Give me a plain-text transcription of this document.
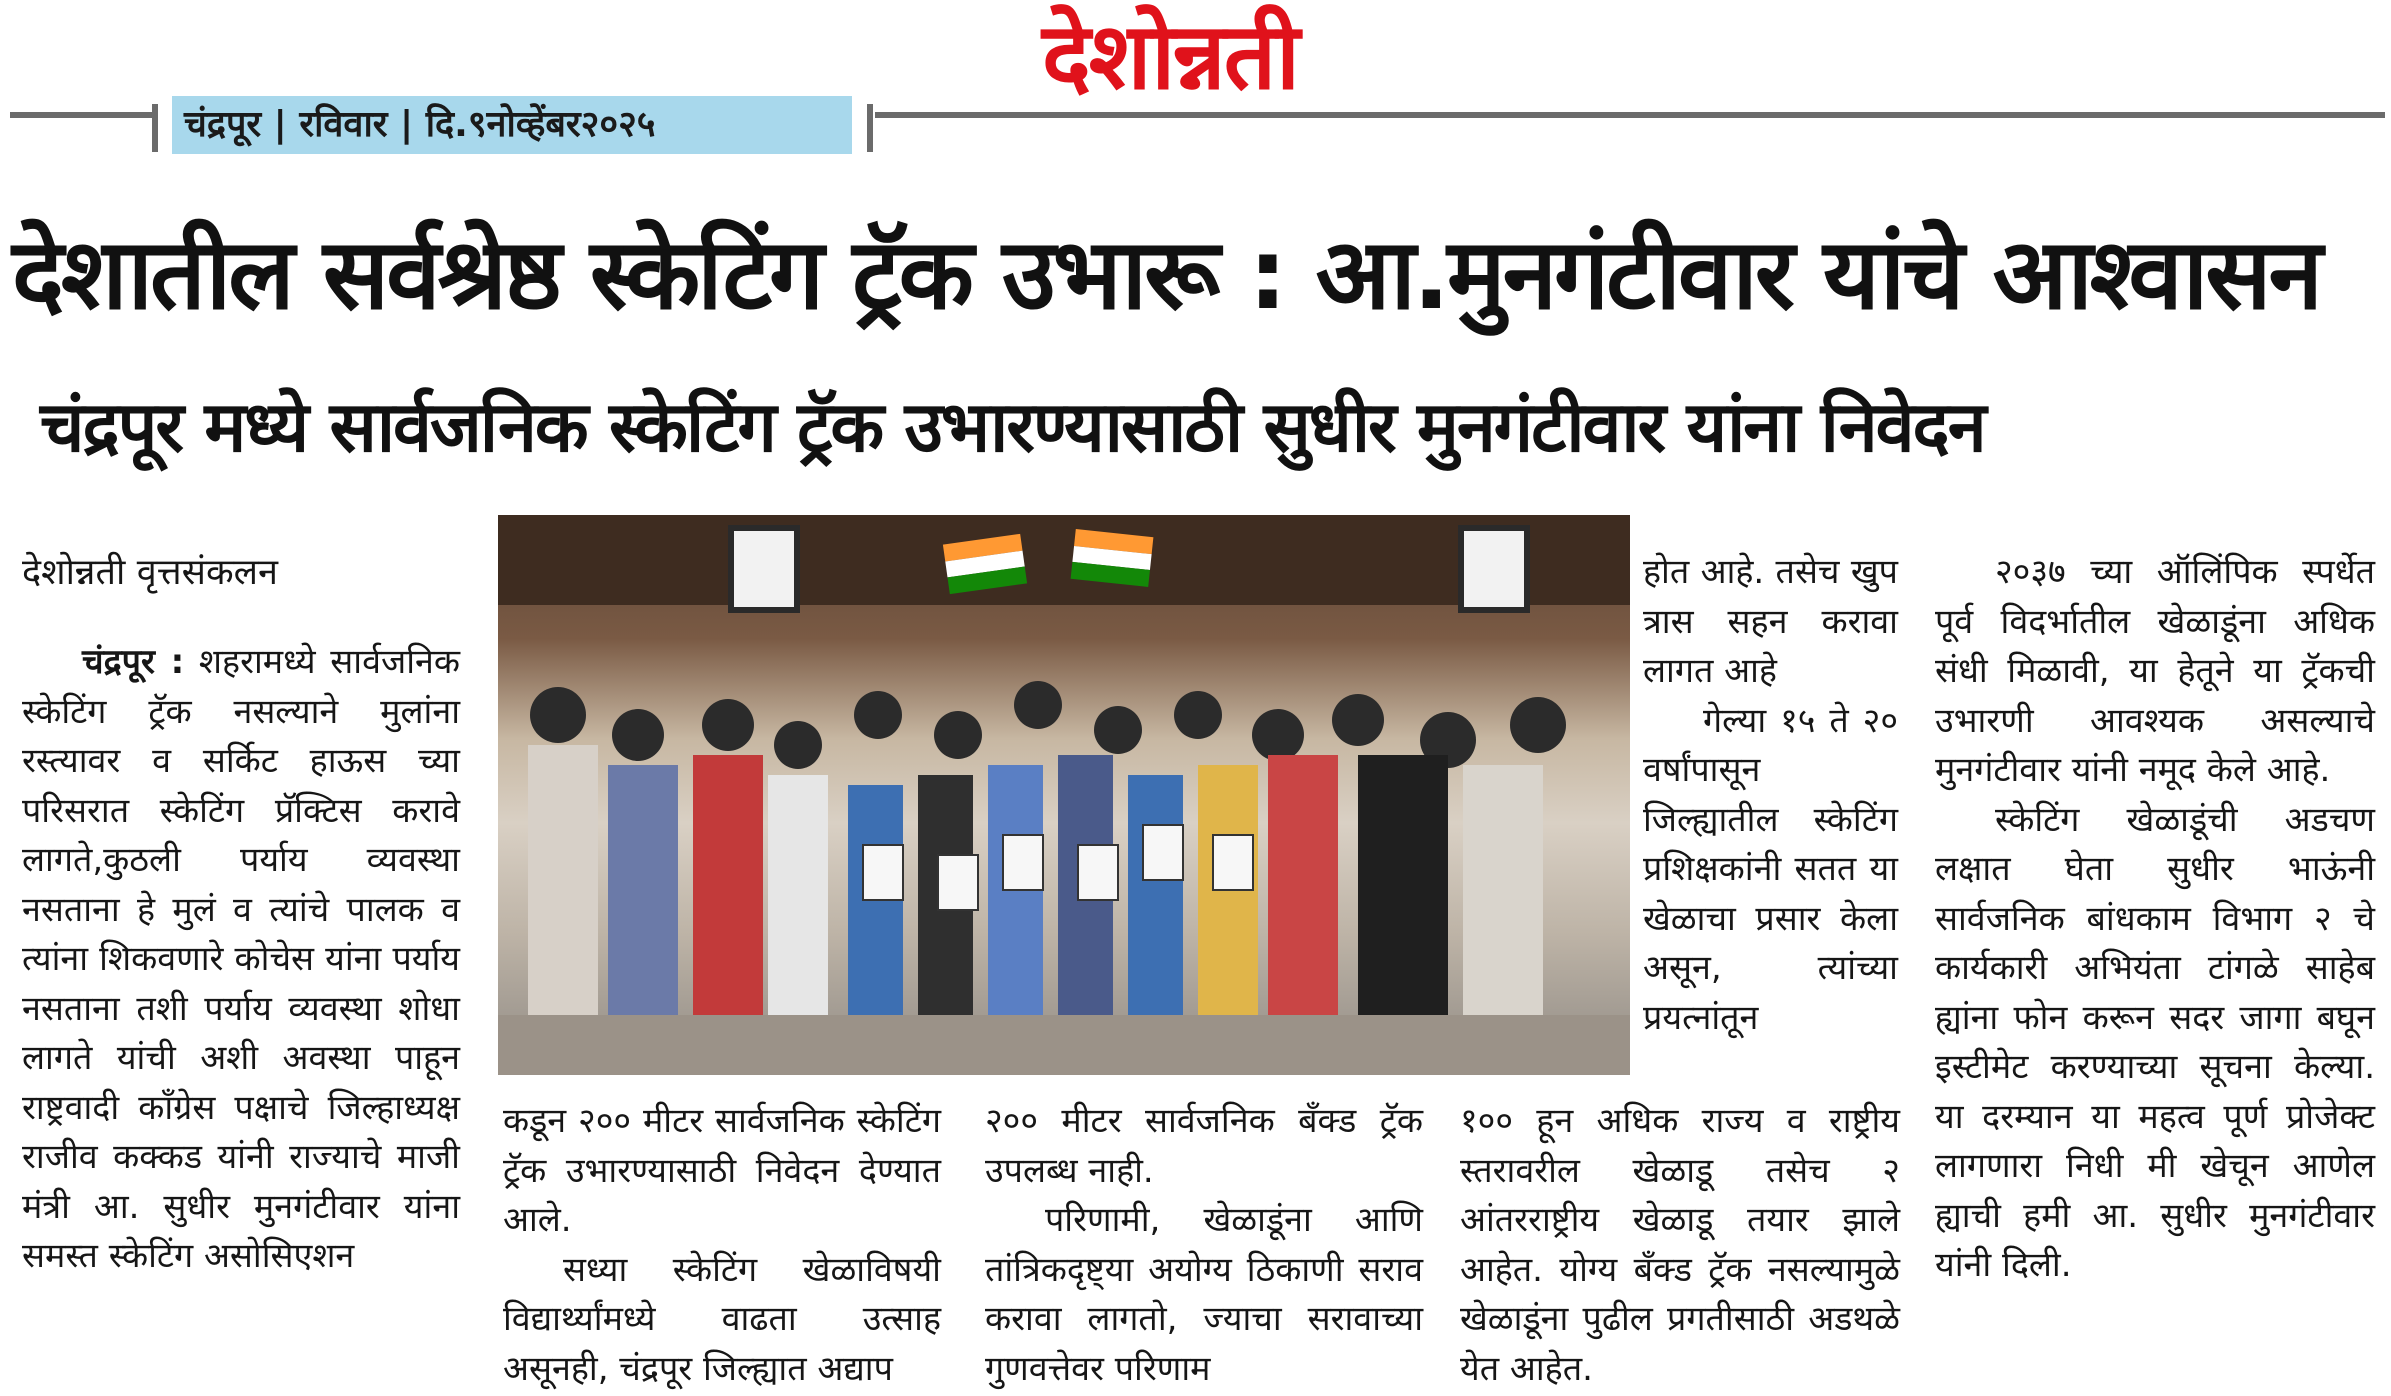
देशोन्नती
चंद्रपूर | रविवार | दि.९नोव्हेंबर२०२५
देशातील सर्वश्रेष्ठ स्केटिंग ट्रॅक उभारू : आ.मुनगंटीवार यांचे आश्वासन
चंद्रपूर मध्ये सार्वजनिक स्केटिंग ट्रॅक उभारण्यासाठी सुधीर मुनगंटीवार यांना निवेदन

देशोन्नती वृत्तसंकलन

चंद्रपूर : शहरामध्ये सार्वजनिक स्केटिंग ट्रॅक नसल्याने मुलांना रस्त्यावर व सर्किट हाऊस च्या परिसरात स्केटिंग प्रॅक्टिस करावे लागते,कुठली पर्याय व्यवस्था नसताना हे मुलं व त्यांचे पालक व त्यांना शिकवणारे कोचेस यांना पर्याय नसताना तशी पर्याय व्यवस्था शोधा लागते यांची अशी अवस्था पाहून राष्ट्रवादी काँग्रेस पक्षाचे जिल्हाध्यक्ष राजीव कक्कड यांनी राज्याचे माजी मंत्री आ. सुधीर मुनगंटीवार यांना समस्त स्केटिंग असोसिएशन

कडून २०० मीटर सार्वजनिक स्केटिंग ट्रॅक उभारण्यासाठी निवेदन देण्यात आले.

सध्या स्केटिंग खेळाविषयी विद्यार्थ्यांमध्ये वाढता उत्साह असूनही, चंद्रपूर जिल्ह्यात अद्याप

२०० मीटर सार्वजनिक बँक्ड ट्रॅक उपलब्ध नाही.

परिणामी, खेळाडूंना आणि तांत्रिकदृष्ट्या अयोग्य ठिकाणी सराव करावा लागतो, ज्याचा सरावाच्या गुणवत्तेवर परिणाम

होत आहे. तसेच खुप त्रास सहन करावा लागत आहे

गेल्या १५ ते २० वर्षांपासून जिल्ह्यातील स्केटिंग प्रशिक्षकांनी सतत या खेळाचा प्रसार केला असून, त्यांच्या प्रयत्नांतून

१०० हून अधिक राज्य व राष्ट्रीय स्तरावरील खेळाडू तसेच २ आंतरराष्ट्रीय खेळाडू तयार झाले आहेत. योग्य बँक्ड ट्रॅक नसल्यामुळे खेळाडूंना पुढील प्रगतीसाठी अडथळे येत आहेत.

२०३७ च्या ऑलिंपिक स्पर्धेत पूर्व विदर्भातील खेळाडूंना अधिक संधी मिळावी, या हेतूने या ट्रॅकची उभारणी आवश्यक असल्याचे मुनगंटीवार यांनी नमूद केले आहे.

स्केटिंग खेळाडूंची अडचण लक्षात घेता सुधीर भाऊंनी सार्वजनिक बांधकाम विभाग २ चे कार्यकारी अभियंता टांगळे साहेब ह्यांना फोन करून सदर जागा बघून इस्टीमेट करण्याच्या सूचना केल्या. या दरम्यान या महत्व पूर्ण प्रोजेक्ट लागणारा निधी मी खेचून आणेल ह्याची हमी आ. सुधीर मुनगंटीवार यांनी दिली.
